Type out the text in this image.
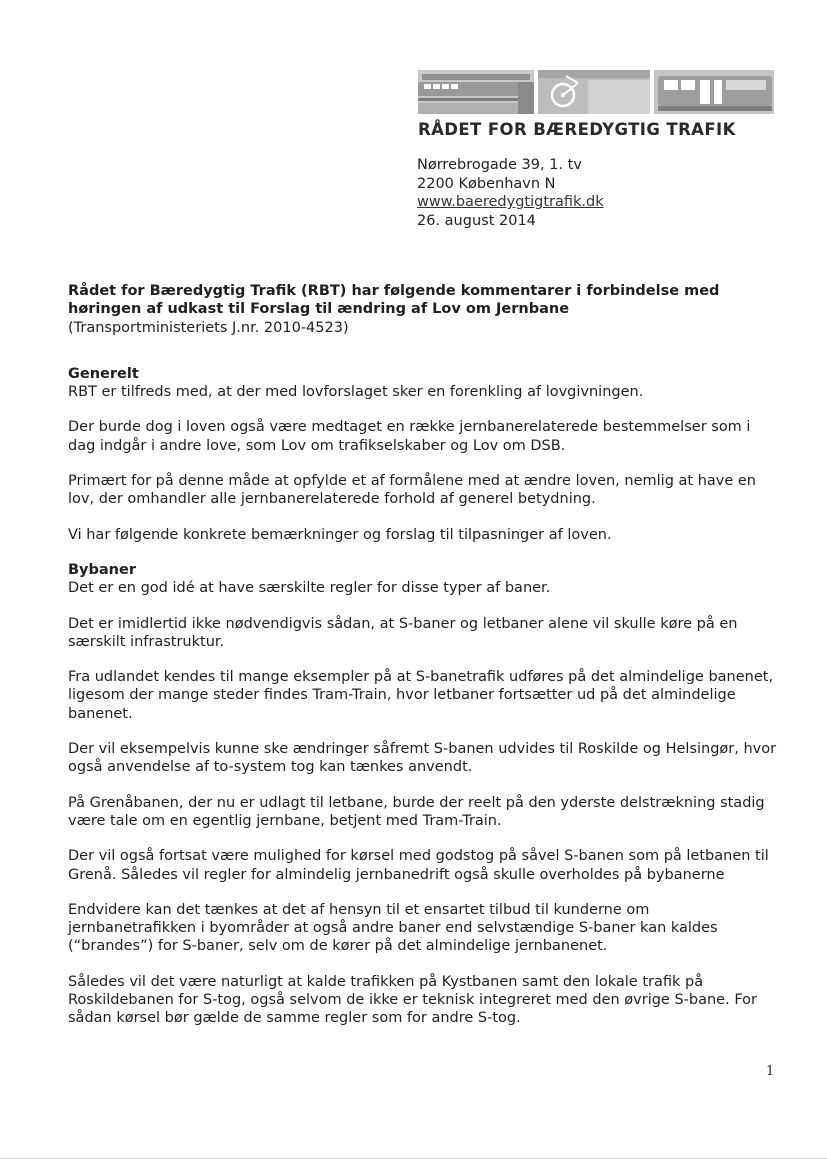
RÅDET FOR BÆREDYGTIG TRAFIK
Nørrebrogade 39, 1. tv
2200 København N
www.baeredygtigtrafik.dk
26. august 2014
Rådet for Bæredygtig Trafik (RBT) har følgende kommentarer i forbindelse med høringen af udkast til Forslag til ændring af Lov om Jernbane
(Transportministeriets J.nr. 2010-4523)
Generelt

RBT er tilfreds med, at der med lovforslaget sker en forenkling af lovgivningen.

Der burde dog i loven også være medtaget en række jernbanerelaterede bestemmelser som i dag indgår i andre love, som Lov om trafikselskaber og Lov om DSB.

Primært for på denne måde at opfylde et af formålene med at ændre loven, nemlig at have en lov, der omhandler alle jernbanerelaterede forhold af generel betydning.

Vi har følgende konkrete bemærkninger og forslag til tilpasninger af loven.

Bybaner

Det er en god idé at have særskilte regler for disse typer af baner.

Det er imidlertid ikke nødvendigvis sådan, at S-baner og letbaner alene vil skulle køre på en særskilt infrastruktur.

Fra udlandet kendes til mange eksempler på at S-banetrafik udføres på det almindelige banenet, ligesom der mange steder findes Tram-Train, hvor letbaner fortsætter ud på det almindelige banenet.

Der vil eksempelvis kunne ske ændringer såfremt S-banen udvides til Roskilde og Helsingør, hvor også anvendelse af to-system tog kan tænkes anvendt.

På Grenåbanen, der nu er udlagt til letbane, burde der reelt på den yderste delstrækning stadig være tale om en egentlig jernbane, betjent med Tram-Train.

Der vil også fortsat være mulighed for kørsel med godstog på såvel S-banen som på letbanen til Grenå. Således vil regler for almindelig jernbanedrift også skulle overholdes på bybanerne

Endvidere kan det tænkes at det af hensyn til et ensartet tilbud til kunderne om jernbanetrafikken i byområder at også andre baner end selvstændige S-baner kan kaldes (“brandes”) for S-baner, selv om de kører på det almindelige jernbanenet.

Således vil det være naturligt at kalde trafikken på Kystbanen samt den lokale trafik på Roskildebanen for S-tog, også selvom de ikke er teknisk integreret med den øvrige S-bane. For sådan kørsel bør gælde de samme regler som for andre S-tog.

1
